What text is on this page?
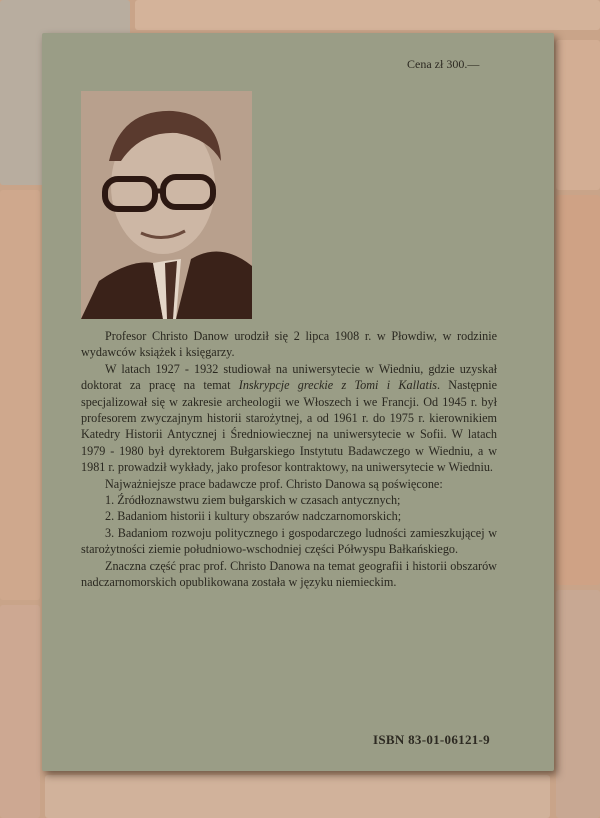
Cena zł 300.—

Profesor Christo Danow urodził się 2 lipca 1908 r. w Płowdiw, w rodzinie wydawców książek i księgarzy.

W latach 1927 - 1932 studiował na uniwersytecie w Wiedniu, gdzie uzyskał doktorat za pracę na temat Inskrypcje greckie z Tomi i Kallatis. Następnie specjalizował się w zakresie archeologii we Włoszech i we Francji. Od 1945 r. był profesorem zwyczajnym historii starożytnej, a od 1961 r. do 1975 r. kierownikiem Katedry Historii Antycznej i Średniowiecznej na uniwersytecie w Sofii. W latach 1979 - 1980 był dyrektorem Bułgarskiego Instytutu Badawczego w Wiedniu, a w 1981 r. prowadził wykłady, jako profesor kontraktowy, na uniwersytecie w Wiedniu.

Najważniejsze prace badawcze prof. Christo Danowa są poświęcone:

1. Źródłoznawstwu ziem bułgarskich w czasach antycznych;
2. Badaniom historii i kultury obszarów nadczarnomorskich;
3. Badaniom rozwoju politycznego i gospodarczego ludności zamieszkującej w starożytności ziemie południowo-wschodniej części Półwyspu Bałkańskiego.

Znaczna część prac prof. Christo Danowa na temat geografii i historii obszarów nadczarnomorskich opublikowana została w języku niemieckim.

ISBN 83-01-06121-9
